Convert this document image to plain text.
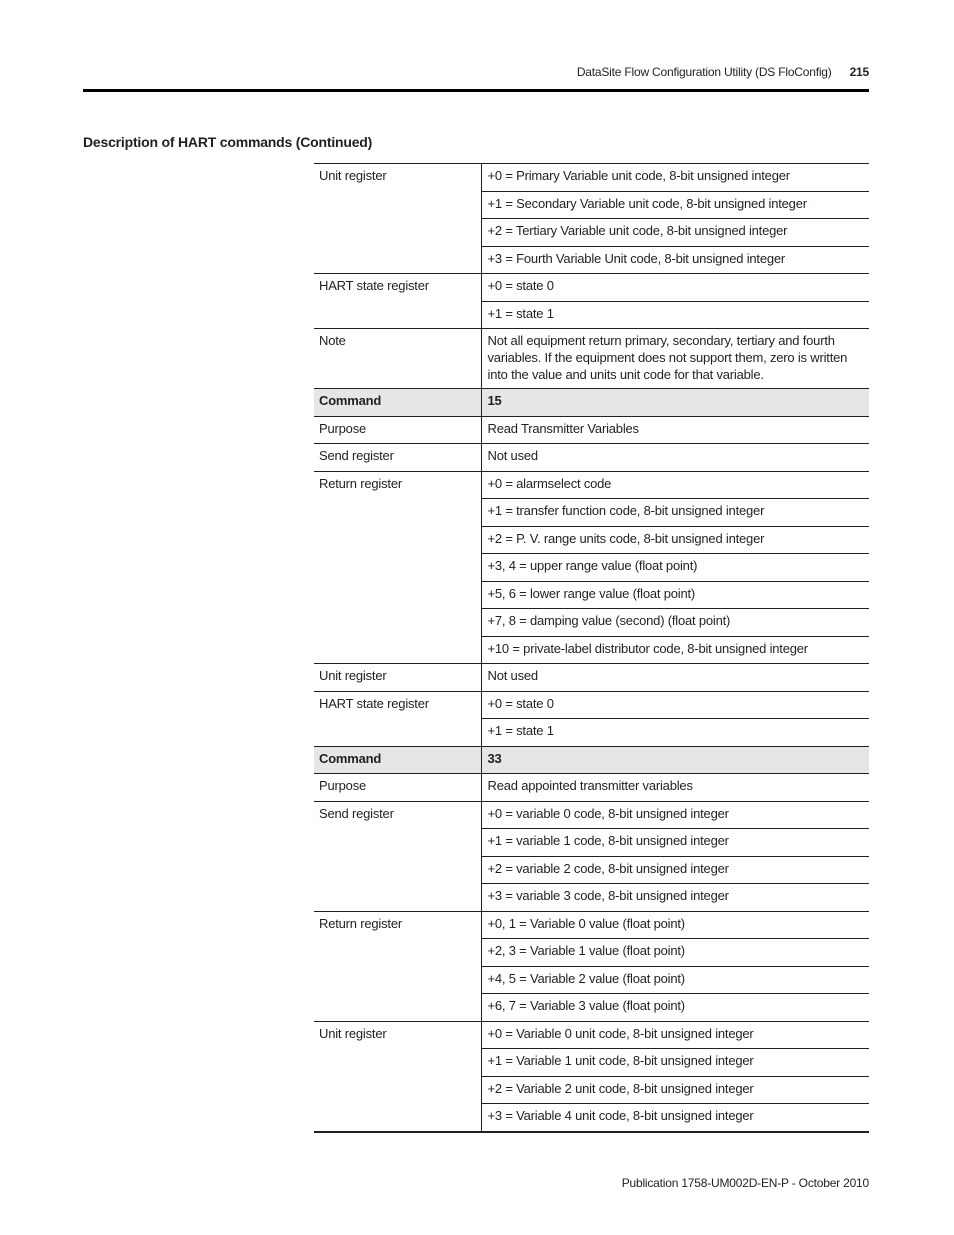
DataSite Flow Configuration Utility (DS FloConfig) 215
Description of HART commands (Continued)
Unit register	+0 = Primary Variable unit code, 8-bit unsigned integer
	+1 = Secondary Variable unit code, 8-bit unsigned integer
	+2 = Tertiary Variable unit code, 8-bit unsigned integer
	+3 = Fourth Variable Unit code, 8-bit unsigned integer
HART state register	+0 = state 0
	+1 = state 1
Note	Not all equipment return primary, secondary, tertiary and fourth variables. If the equipment does not support them, zero is written into the value and units unit code for that variable.
Command	15
Purpose	Read Transmitter Variables
Send register	Not used
Return register	+0 = alarmselect code
	+1 = transfer function code, 8-bit unsigned integer
	+2 = P. V. range units code, 8-bit unsigned integer
	+3, 4 = upper range value (float point)
	+5, 6 = lower range value (float point)
	+7, 8 = damping value (second) (float point)
	+10 = private-label distributor code, 8-bit unsigned integer
Unit register	Not used
HART state register	+0 = state 0
	+1 = state 1
Command	33
Purpose	Read appointed transmitter variables
Send register	+0 = variable 0 code, 8-bit unsigned integer
	+1 = variable 1 code, 8-bit unsigned integer
	+2 = variable 2 code, 8-bit unsigned integer
	+3 = variable 3 code, 8-bit unsigned integer
Return register	+0, 1 = Variable 0 value (float point)
	+2, 3 = Variable 1 value (float point)
	+4, 5 = Variable 2 value (float point)
	+6, 7 = Variable 3 value (float point)
Unit register	+0 = Variable 0 unit code, 8-bit unsigned integer
	+1 = Variable 1 unit code, 8-bit unsigned integer
	+2 = Variable 2 unit code, 8-bit unsigned integer
	+3 = Variable 4 unit code, 8-bit unsigned integer
Publication 1758-UM002D-EN-P - October 2010
